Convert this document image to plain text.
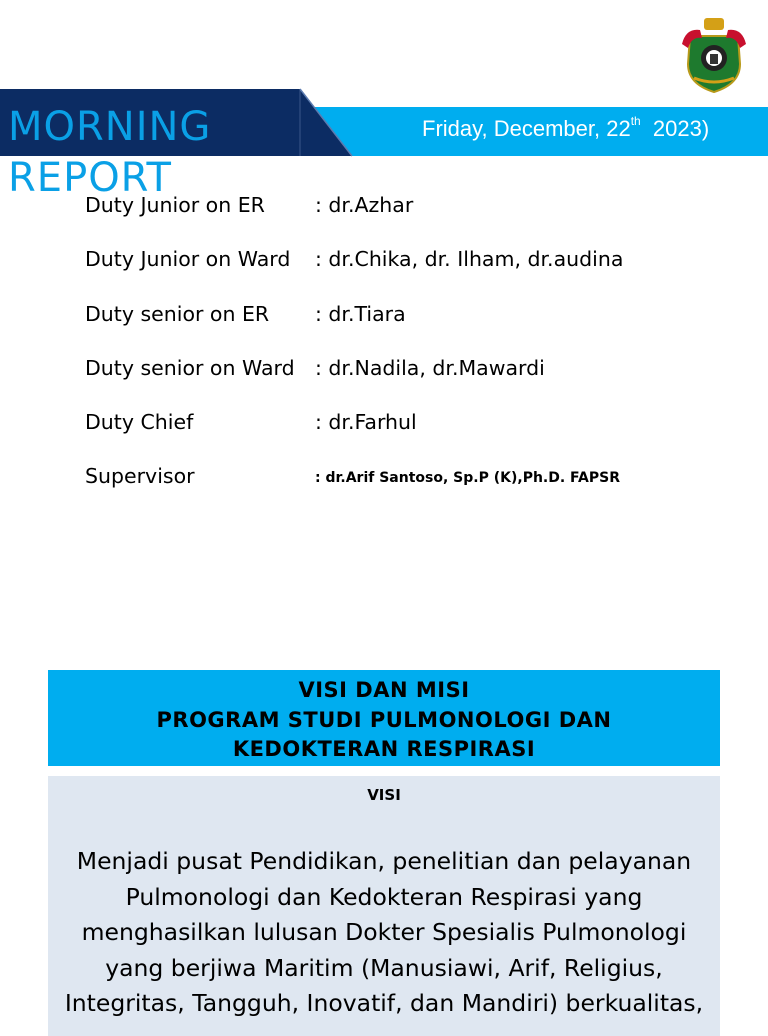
MORNING REPORT
Friday, December, 22th  2023)
Duty Junior on ER : dr.Azhar
Duty Junior on Ward : dr.Chika, dr. Ilham, dr.audina
Duty senior on ER : dr.Tiara
Duty senior on Ward : dr.Nadila, dr.Mawardi
Duty Chief	: dr.Farhul
Supervisor	: dr.Arif Santoso, Sp.P (K),Ph.D. FAPSR
VISI DAN MISI
PROGRAM STUDI PULMONOLOGI DAN
KEDOKTERAN RESPIRASI
VISI
Menjadi pusat Pendidikan, penelitian dan pelayanan Pulmonologi dan Kedokteran Respirasi yang menghasilkan lulusan Dokter Spesialis Pulmonologi yang berjiwa Maritim (Manusiawi, Arif, Religius, Integritas, Tangguh, Inovatif, dan Mandiri) berkualitas,
